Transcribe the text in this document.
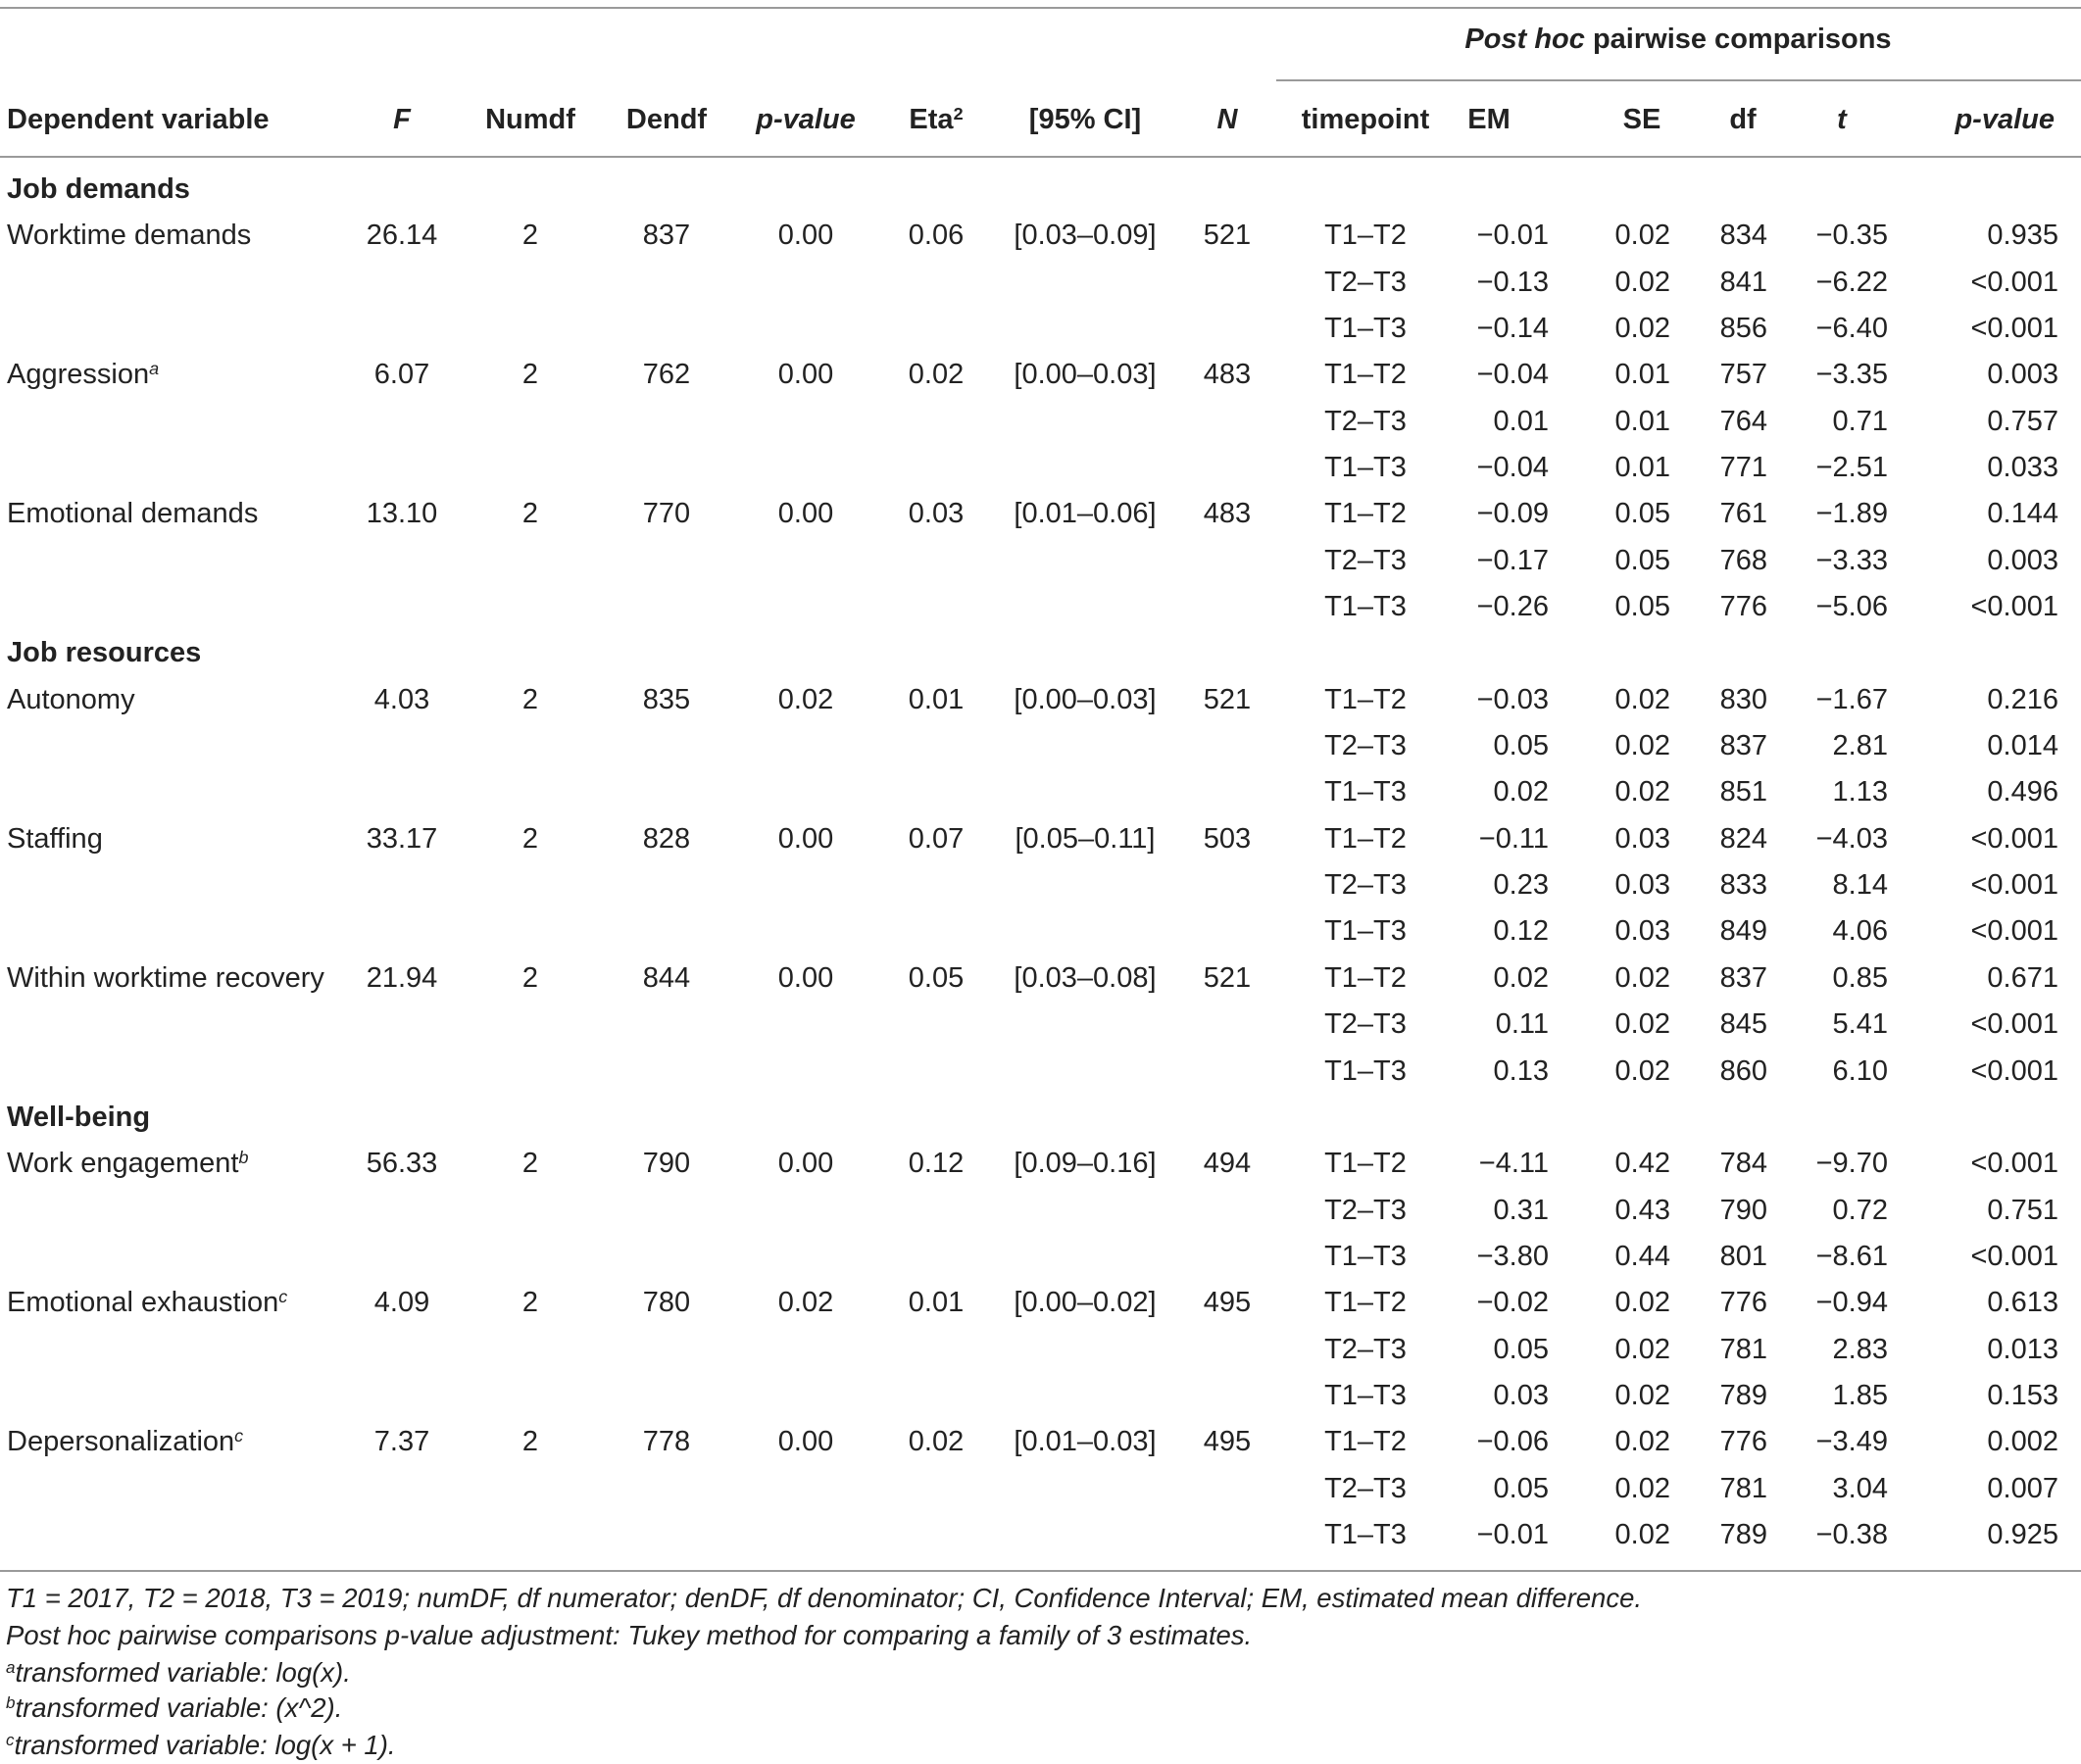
Post hoc pairwise comparisons
Dependent variable	F	Numdf	Dendf	p-value	Eta$^2$	[95% CI]	N	timepoint	EM	SE	df	t	p-value
Job demands
Worktime demands	26.14	2	837	0.00	0.06	[0.03–0.09]	521	T1–T2	−0.01	0.02	834	−0.35	0.935
T2–T3	−0.13	0.02	841	−6.22	<0.001
T1–T3	−0.14	0.02	856	−6.40	<0.001
Aggression$^a$	6.07	2	762	0.00	0.02	[0.00–0.03]	483	T1–T2	−0.04	0.01	757	−3.35	0.003
T2–T3	0.01	0.01	764	0.71	0.757
T1–T3	−0.04	0.01	771	−2.51	0.033
Emotional demands	13.10	2	770	0.00	0.03	[0.01–0.06]	483	T1–T2	−0.09	0.05	761	−1.89	0.144
T2–T3	−0.17	0.05	768	−3.33	0.003
T1–T3	−0.26	0.05	776	−5.06	<0.001
Job resources
Autonomy	4.03	2	835	0.02	0.01	[0.00–0.03]	521	T1–T2	−0.03	0.02	830	−1.67	0.216
T2–T3	0.05	0.02	837	2.81	0.014
T1–T3	0.02	0.02	851	1.13	0.496
Staffing	33.17	2	828	0.00	0.07	[0.05–0.11]	503	T1–T2	−0.11	0.03	824	−4.03	<0.001
T2–T3	0.23	0.03	833	8.14	<0.001
T1–T3	0.12	0.03	849	4.06	<0.001
Within worktime recovery	21.94	2	844	0.00	0.05	[0.03–0.08]	521	T1–T2	0.02	0.02	837	0.85	0.671
T2–T3	0.11	0.02	845	5.41	<0.001
T1–T3	0.13	0.02	860	6.10	<0.001
Well-being
Work engagement$^b$	56.33	2	790	0.00	0.12	[0.09–0.16]	494	T1–T2	−4.11	0.42	784	−9.70	<0.001
T2–T3	0.31	0.43	790	0.72	0.751
T1–T3	−3.80	0.44	801	−8.61	<0.001
Emotional exhaustion$^c$	4.09	2	780	0.02	0.01	[0.00–0.02]	495	T1–T2	−0.02	0.02	776	−0.94	0.613
T2–T3	0.05	0.02	781	2.83	0.013
T1–T3	0.03	0.02	789	1.85	0.153
Depersonalization$^c$	7.37	2	778	0.00	0.02	[0.01–0.03]	495	T1–T2	−0.06	0.02	776	−3.49	0.002
T2–T3	0.05	0.02	781	3.04	0.007
T1–T3	−0.01	0.02	789	−0.38	0.925
T1 = 2017, T2 = 2018, T3 = 2019; numDF, df numerator; denDF, df denominator; CI, Confidence Interval; EM, estimated mean difference.
Post hoc pairwise comparisons p-value adjustment: Tukey method for comparing a family of 3 estimates.
$^a$transformed variable: log(x).
$^b$transformed variable: (x^2).
$^c$transformed variable: log(x + 1).
